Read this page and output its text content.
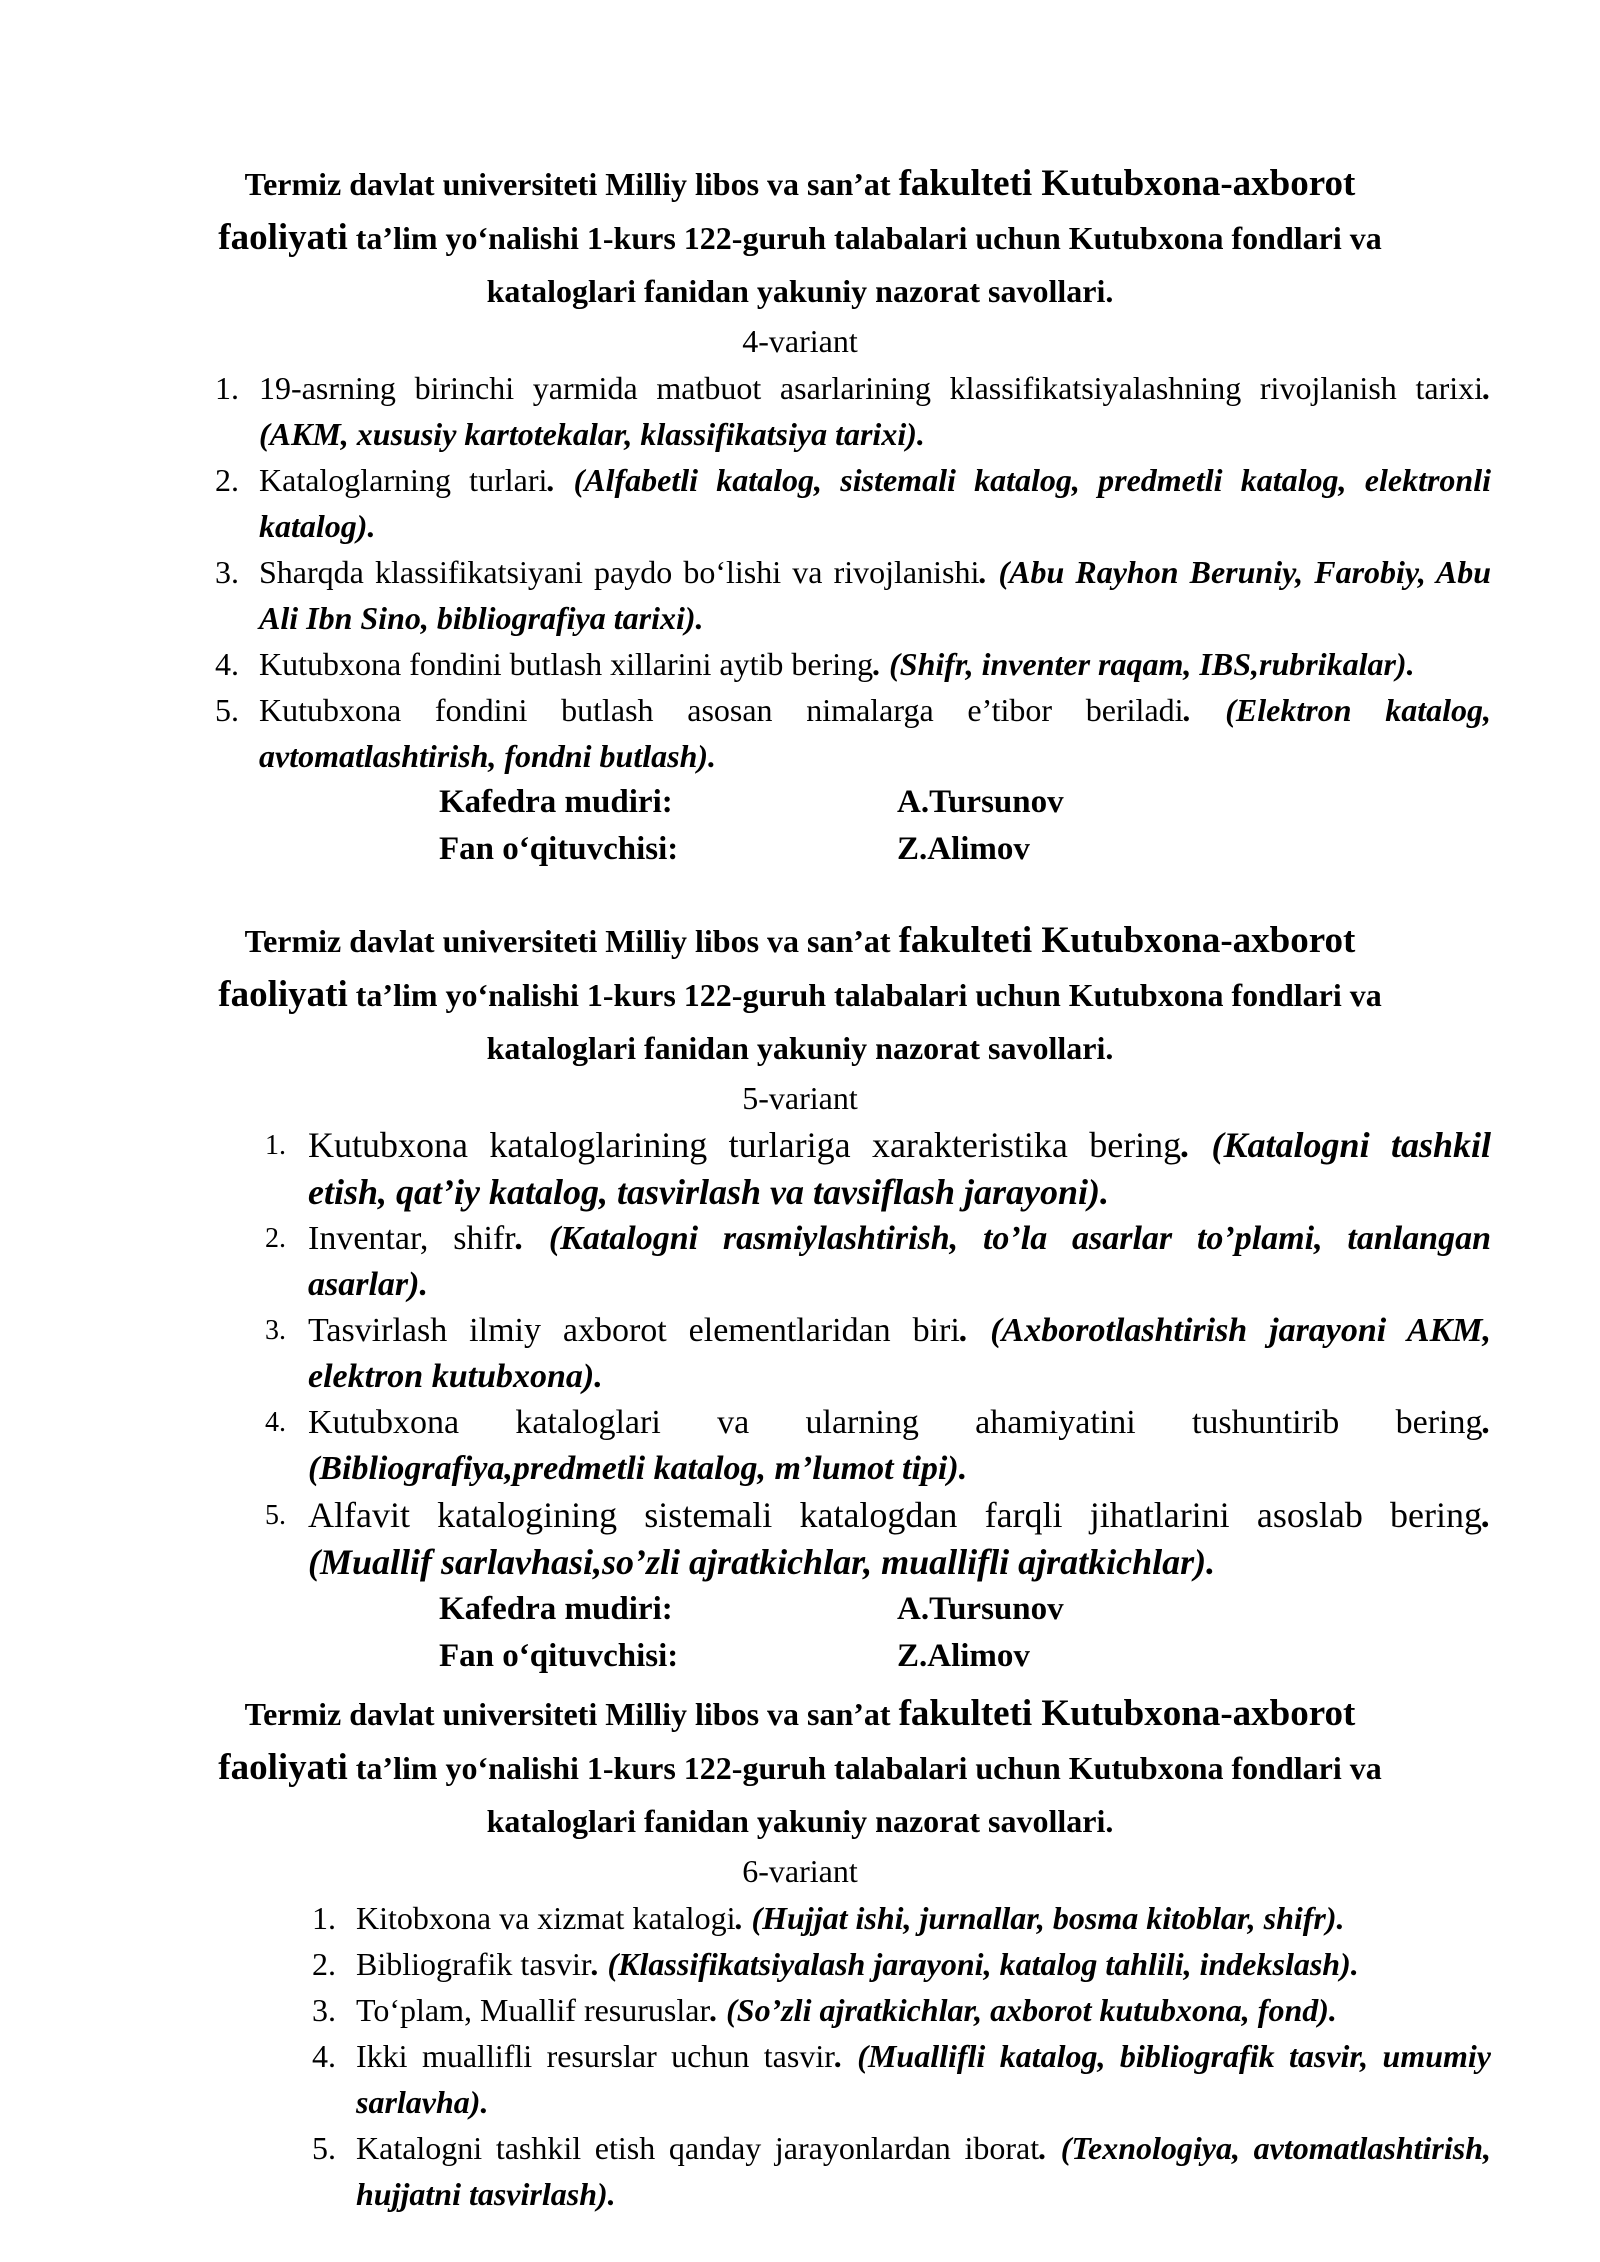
Termiz davlat universiteti Milliy libos va san’at fakulteti Kutubxona-axborot
faoliyati ta’lim yo‘nalishi 1-kurs 122-guruh talabalari uchun Kutubxona fondlari va
kataloglari fanidan yakuniy nazorat savollari.
4-variant
1. 19-asrning birinchi yarmida matbuot asarlarining klassifikatsiyalashning rivojlanish tarixi. (AKM, xususiy kartotekalar, klassifikatsiya tarixi).
2. Kataloglarning turlari. (Alfabetli katalog, sistemali katalog, predmetli katalog, elektronli katalog).
3. Sharqda klassifikatsiyani paydo bo‘lishi va rivojlanishi. (Abu Rayhon Beruniy, Farobiy, Abu Ali Ibn Sino, bibliografiya tarixi).
4. Kutubxona fondini butlash xillarini aytib bering. (Shifr, inventer raqam, IBS,rubrikalar).
5. Kutubxona fondini butlash asosan nimalarga e’tibor beriladi. (Elektron katalog, avtomatlashtirish, fondni butlash).
Kafedra mudiri:	A.Tursunov
Fan o‘qituvchisi:	Z.Alimov
Termiz davlat universiteti Milliy libos va san’at fakulteti Kutubxona-axborot
faoliyati ta’lim yo‘nalishi 1-kurs 122-guruh talabalari uchun Kutubxona fondlari va
kataloglari fanidan yakuniy nazorat savollari.
5-variant
1. Kutubxona kataloglarining turlariga xarakteristika bering. (Katalogni tashkil etish, qat’iy katalog, tasvirlash va tavsiflash jarayoni).
2. Inventar, shifr. (Katalogni rasmiylashtirish, to’la asarlar to’plami, tanlangan asarlar).
3. Tasvirlash ilmiy axborot elementlaridan biri. (Axborotlashtirish jarayoni AKM, elektron kutubxona).
4. Kutubxona kataloglari va ularning ahamiyatini tushuntirib bering. (Bibliografiya,predmetli katalog, m’lumot tipi).
5. Alfavit katalogining sistemali katalogdan farqli jihatlarini asoslab bering. (Muallif sarlavhasi,so’zli ajratkichlar, muallifli ajratkichlar).
Kafedra mudiri:	A.Tursunov
Fan o‘qituvchisi:	Z.Alimov
Termiz davlat universiteti Milliy libos va san’at fakulteti Kutubxona-axborot
faoliyati ta’lim yo‘nalishi 1-kurs 122-guruh talabalari uchun Kutubxona fondlari va
kataloglari fanidan yakuniy nazorat savollari.
6-variant
1. Kitobxona va xizmat katalogi. (Hujjat ishi, jurnallar, bosma kitoblar, shifr).
2. Bibliografik tasvir. (Klassifikatsiyalash jarayoni, katalog tahlili, indekslash).
3. To‘plam, Muallif resuruslar. (So’zli ajratkichlar, axborot kutubxona, fond).
4. Ikki muallifli resurslar uchun tasvir. (Muallifli katalog, bibliografik tasvir, umumiy sarlavha).
5. Katalogni tashkil etish qanday jarayonlardan iborat. (Texnologiya, avtomatlashtirish, hujjatni tasvirlash).
